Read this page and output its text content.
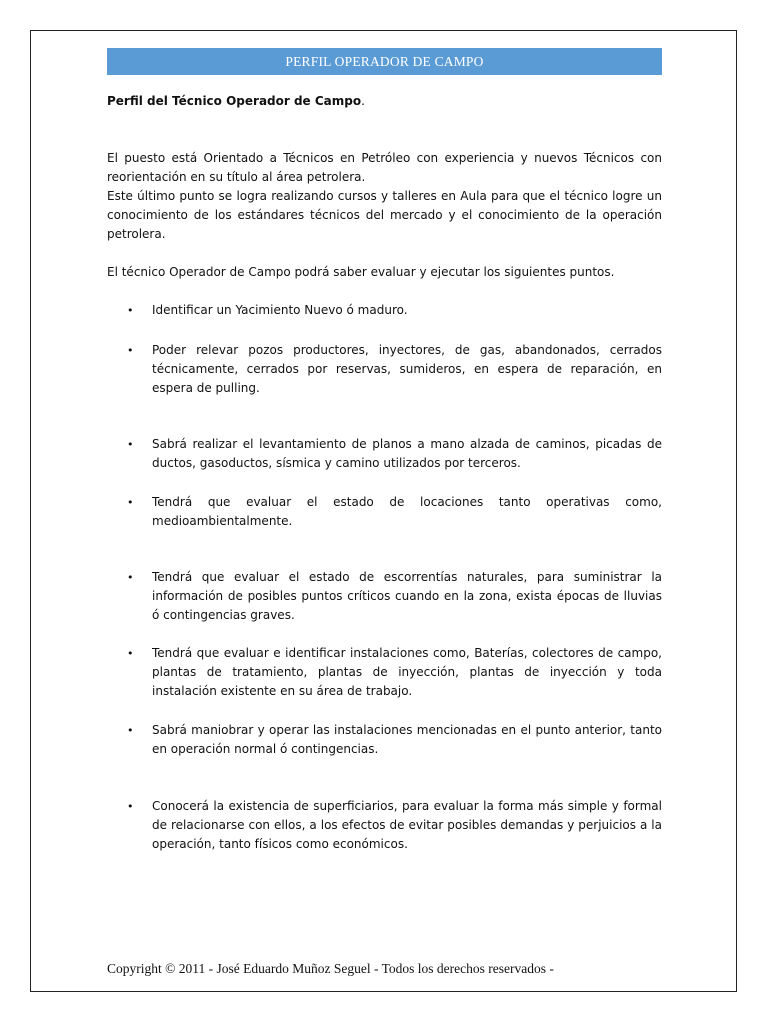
PERFIL OPERADOR DE CAMPO

Perfil del Técnico Operador de Campo.

El puesto está Orientado a Técnicos en Petróleo con experiencia y nuevos Técnicos con reorientación en su título al área petrolera.

Este último punto se logra realizando cursos y talleres en Aula para que el técnico logre un conocimiento de los estándares técnicos del mercado y el conocimiento de la operación petrolera.

El técnico Operador de Campo podrá saber evaluar y ejecutar los siguientes puntos.

• Identificar un Yacimiento Nuevo ó maduro.
• Poder relevar pozos productores, inyectores, de gas, abandonados, cerrados técnicamente, cerrados por reservas, sumideros, en espera de reparación, en espera de pulling.
• Sabrá realizar el levantamiento de planos a mano alzada de caminos, picadas de ductos, gasoductos, sísmica y camino utilizados por terceros.
• Tendrá que evaluar el estado de locaciones tanto operativas como, medioambientalmente.
• Tendrá que evaluar el estado de escorrentías naturales, para suministrar la información de posibles puntos críticos cuando en la zona, exista épocas de lluvias ó contingencias graves.
• Tendrá que evaluar e identificar instalaciones como, Baterías, colectores de campo, plantas de tratamiento, plantas de inyección, plantas de inyección y toda instalación existente en su área de trabajo.
• Sabrá maniobrar y operar las instalaciones mencionadas en el punto anterior, tanto en operación normal ó contingencias.
• Conocerá la existencia de superficiarios, para evaluar la forma más simple y formal de relacionarse con ellos, a los efectos de evitar posibles demandas y perjuicios a la operación, tanto físicos como económicos.
Copyright © 2011 - José Eduardo Muñoz Seguel - Todos los derechos reservados -
